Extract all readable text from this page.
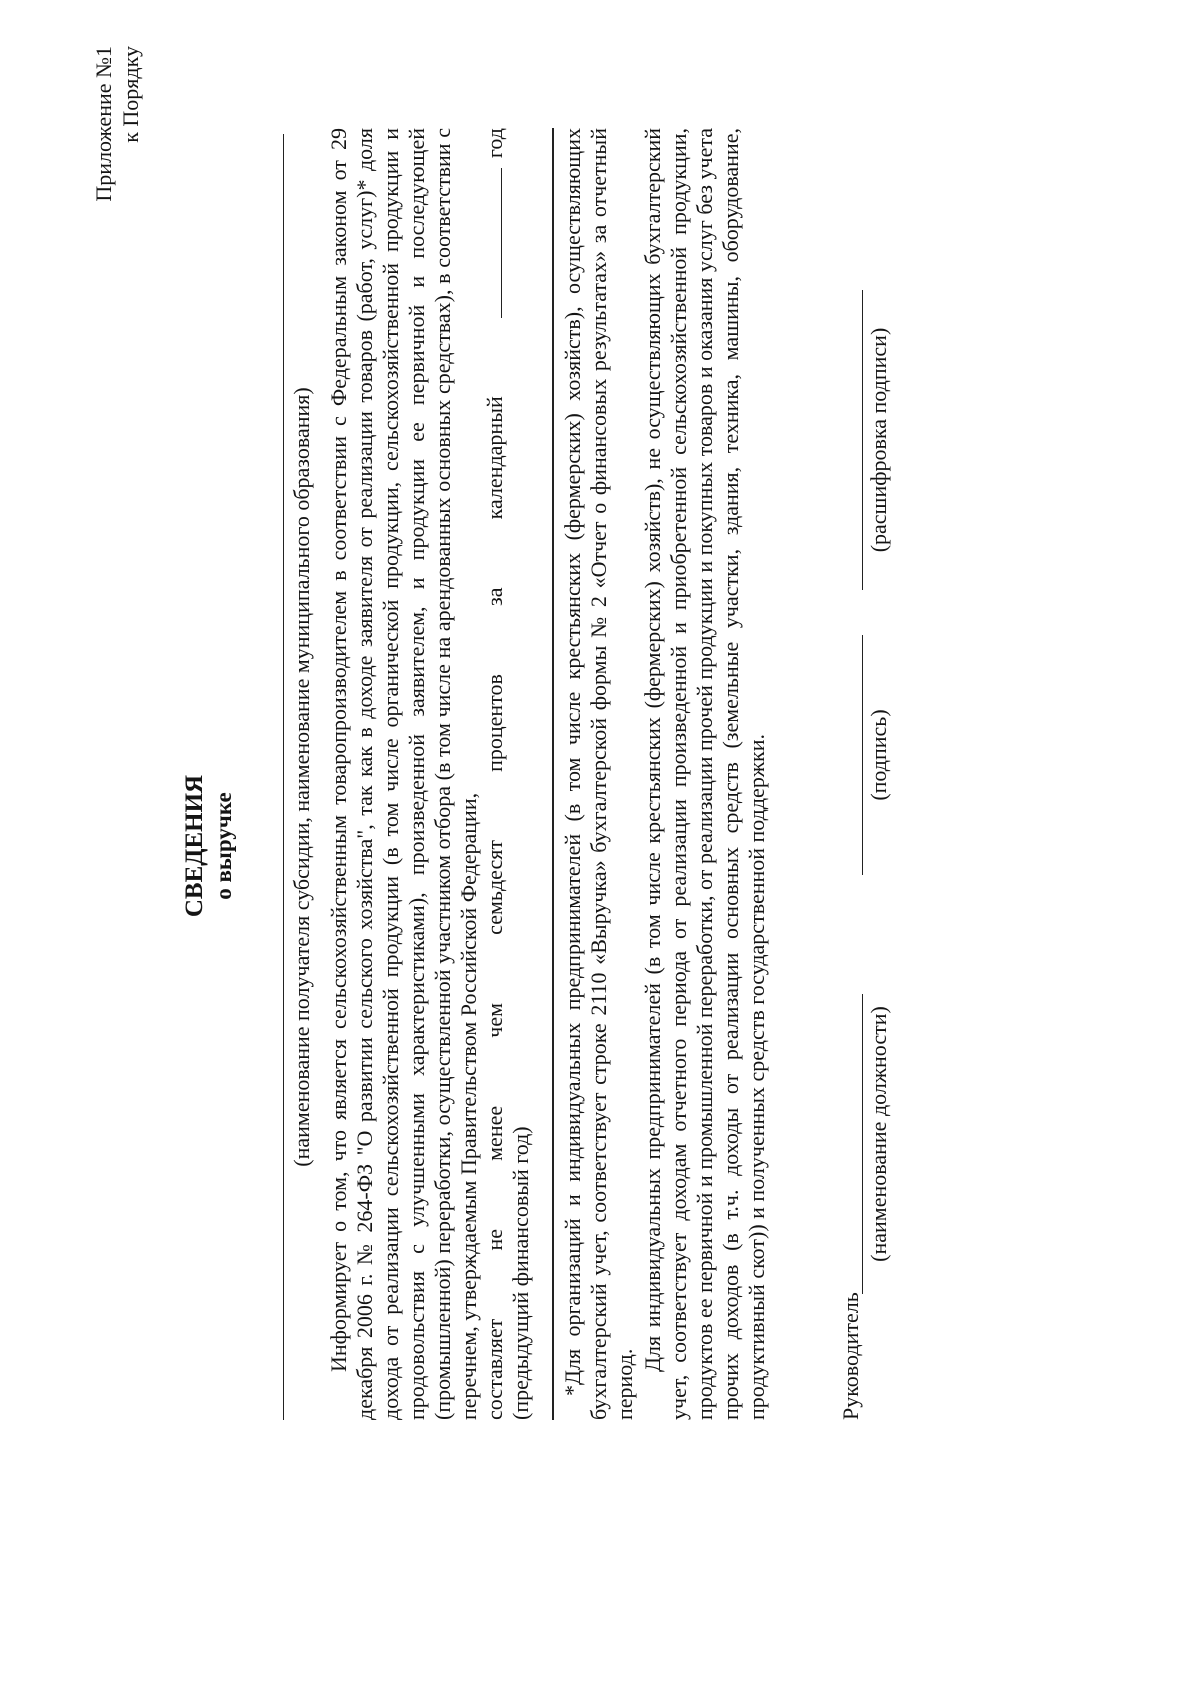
Приложение №1 к Порядку
СВЕДЕНИЯ о выручке (наименование получателя субсидии, наименование муниципального образования) Информирует о том, что является сельскохозяйственным товаропроизводителем в соответствии с Федеральным законом от 29 декабря 2006 г. № 264-ФЗ "О развитии сельского хозяйства", так как в доходе заявителя от реализации товаров (работ, услуг)* доля дохода от реализации сельскохозяйственной продукции (в том числе органической продукции, сельскохозяйственной продукции и продовольствия с улучшенными характеристиками), произведенной заявителем, и продукции ее первичной и последующей (промышленной) переработки, осуществленной участником отбора (в том числе на арендованных основных средствах), в соответствии с перечнем, утверждаемым Правительством Российской Федерации, составляет
не
менее
чем
семьдесят
процентов
за
календарный
год
(предыдущий финансовый год) *Для организаций и индивидуальных предпринимателей (в том числе крестьянских (фермерских) хозяйств), осуществляющих бухгалтерский учет, соответствует строке 2110 «Выручка» бухгалтерской формы № 2 «Отчет о финансовых результатах» за отчетный период.

Для индивидуальных предпринимателей (в том числе крестьянских (фермерских) хозяйств), не осуществляющих бухгалтерский учет, соответствует доходам отчетного периода от реализации произведенной и приобретенной сельскохозяйственной продукции, продуктов ее первичной и промышленной переработки, от реализации прочей продукции и покупных товаров и оказания услуг без учета прочих доходов (в т.ч. доходы от реализации основных средств (земельные участки, здания, техника, машины, оборудование, продуктивный скот)) и полученных средств государственной поддержки.	Руководитель
(наименование должности)
(подпись)
(расшифровка подписи)
